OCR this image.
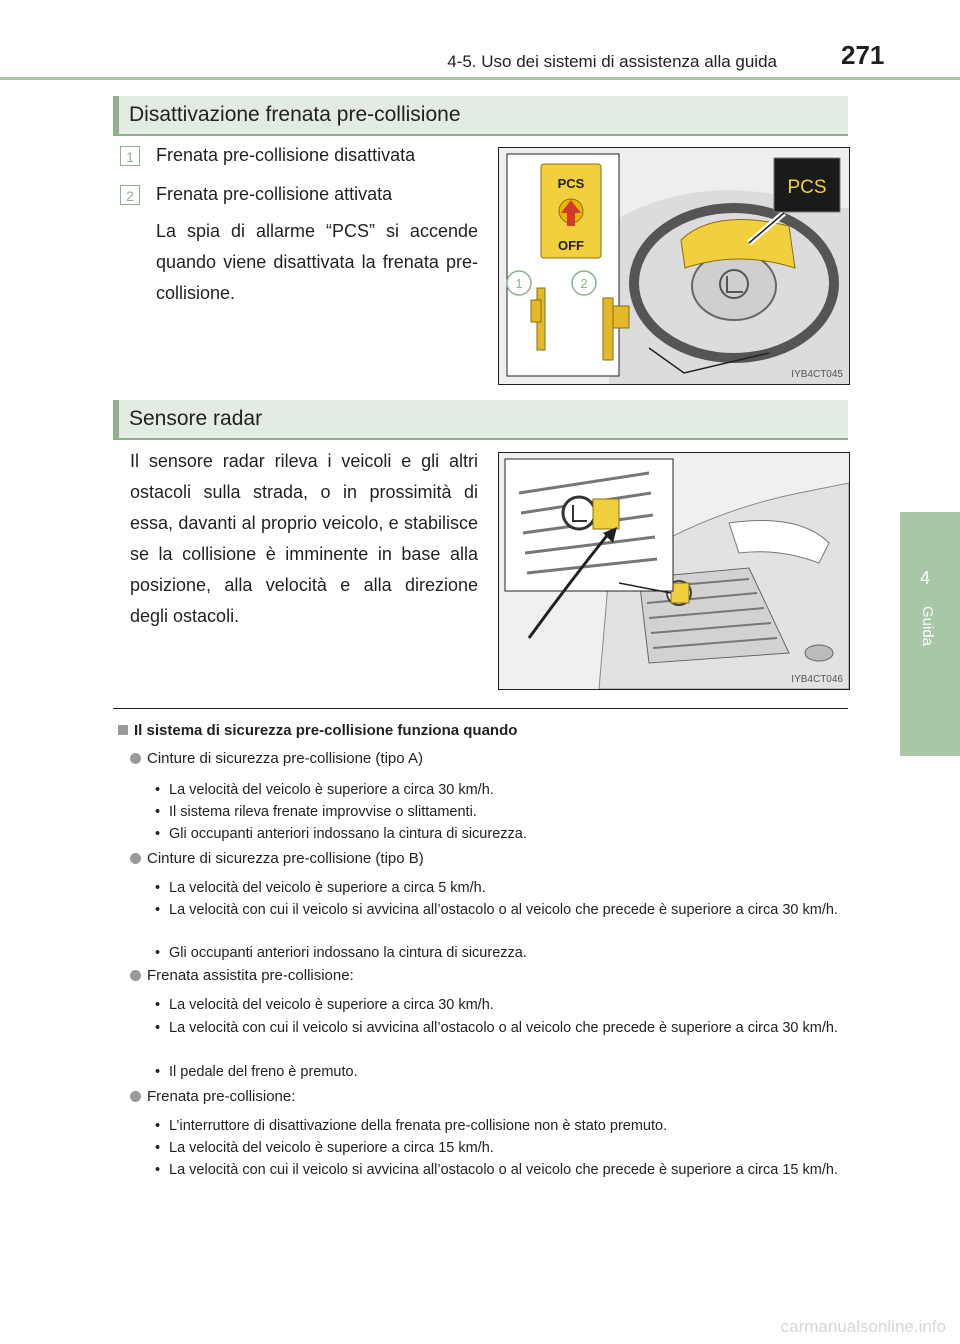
4-5. Uso dei sistemi di assistenza alla guida 271
4
Guida
Disattivazione frenata pre-collisione
1	Frenata pre-collisione disattivata
2	Frenata pre-collisione attivata
La spia di allarme “PCS” si accende quando viene disattivata la frenata pre-collisione.
PCS
PCS
OFF
1	2
IYB4CT045
Sensore radar
Il sensore radar rileva i veicoli e gli altri ostacoli sulla strada, o in prossimità di essa, davanti al proprio veicolo, e stabilisce se la collisione è imminente in base alla posizione, alla velocità e alla direzione degli ostacoli.
IYB4CT046
Il sistema di sicurezza pre-collisione funziona quando
Cinture di sicurezza pre-collisione (tipo A)
• La velocità del veicolo è superiore a circa 30 km/h.
• Il sistema rileva frenate improvvise o slittamenti.
• Gli occupanti anteriori indossano la cintura di sicurezza.
Cinture di sicurezza pre-collisione (tipo B)
• La velocità del veicolo è superiore a circa 5 km/h.
• La velocità con cui il veicolo si avvicina all’ostacolo o al veicolo che precede è superiore a circa 30 km/h.
• Gli occupanti anteriori indossano la cintura di sicurezza.
Frenata assistita pre-collisione:
• La velocità del veicolo è superiore a circa 30 km/h.
• La velocità con cui il veicolo si avvicina all’ostacolo o al veicolo che precede è superiore a circa 30 km/h.
• Il pedale del freno è premuto.
Frenata pre-collisione:
• L’interruttore di disattivazione della frenata pre-collisione non è stato premuto.
• La velocità del veicolo è superiore a circa 15 km/h.
• La velocità con cui il veicolo si avvicina all’ostacolo o al veicolo che precede è superiore a circa 15 km/h.
carmanualsonline.info
